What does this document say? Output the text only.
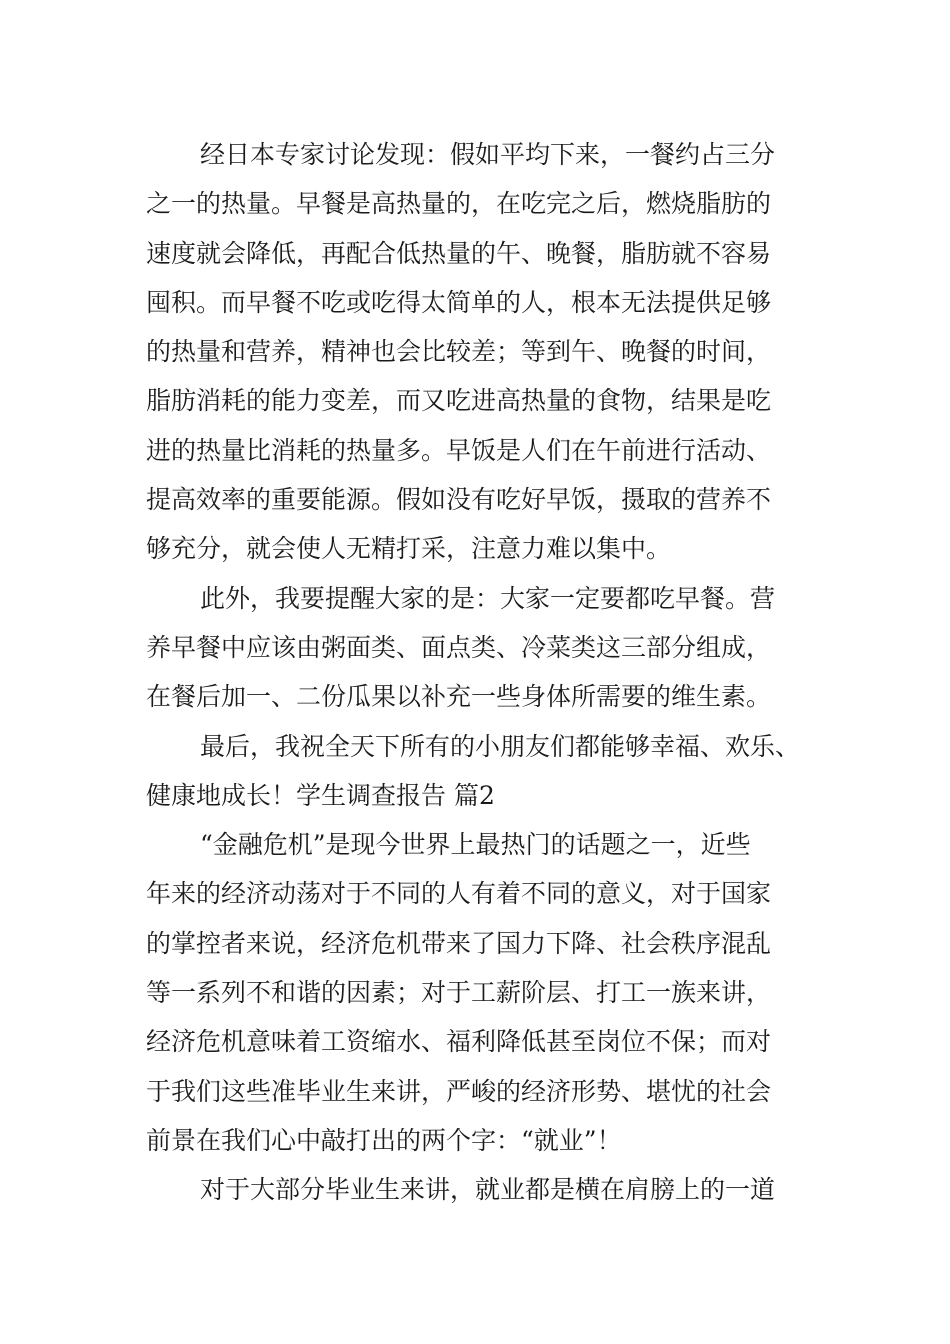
经日本专家讨论发现：假如平均下来，一餐约占三分
之一的热量。早餐是高热量的，在吃完之后，燃烧脂肪的
速度就会降低，再配合低热量的午、晚餐，脂肪就不容易
囤积。而早餐不吃或吃得太简单的人，根本无法提供足够
的热量和营养，精神也会比较差；等到午、晚餐的时间，
脂肪消耗的能力变差，而又吃进高热量的食物，结果是吃
进的热量比消耗的热量多。早饭是人们在午前进行活动、
提高效率的重要能源。假如没有吃好早饭，摄取的营养不
够充分，就会使人无精打采，注意力难以集中。
此外，我要提醒大家的是：大家一定要都吃早餐。营
养早餐中应该由粥面类、面点类、冷菜类这三部分组成，
在餐后加一、二份瓜果以补充一些身体所需要的维生素。
最后，我祝全天下所有的小朋友们都能够幸福、欢乐、
健康地成长！学生调查报告 篇2
“金融危机”是现今世界上最热门的话题之一，近些
年来的经济动荡对于不同的人有着不同的意义，对于国家
的掌控者来说，经济危机带来了国力下降、社会秩序混乱
等一系列不和谐的因素；对于工薪阶层、打工一族来讲，
经济危机意味着工资缩水、福利降低甚至岗位不保；而对
于我们这些准毕业生来讲，严峻的经济形势、堪忧的社会
前景在我们心中敲打出的两个字：“就业”！
对于大部分毕业生来讲，就业都是横在肩膀上的一道
